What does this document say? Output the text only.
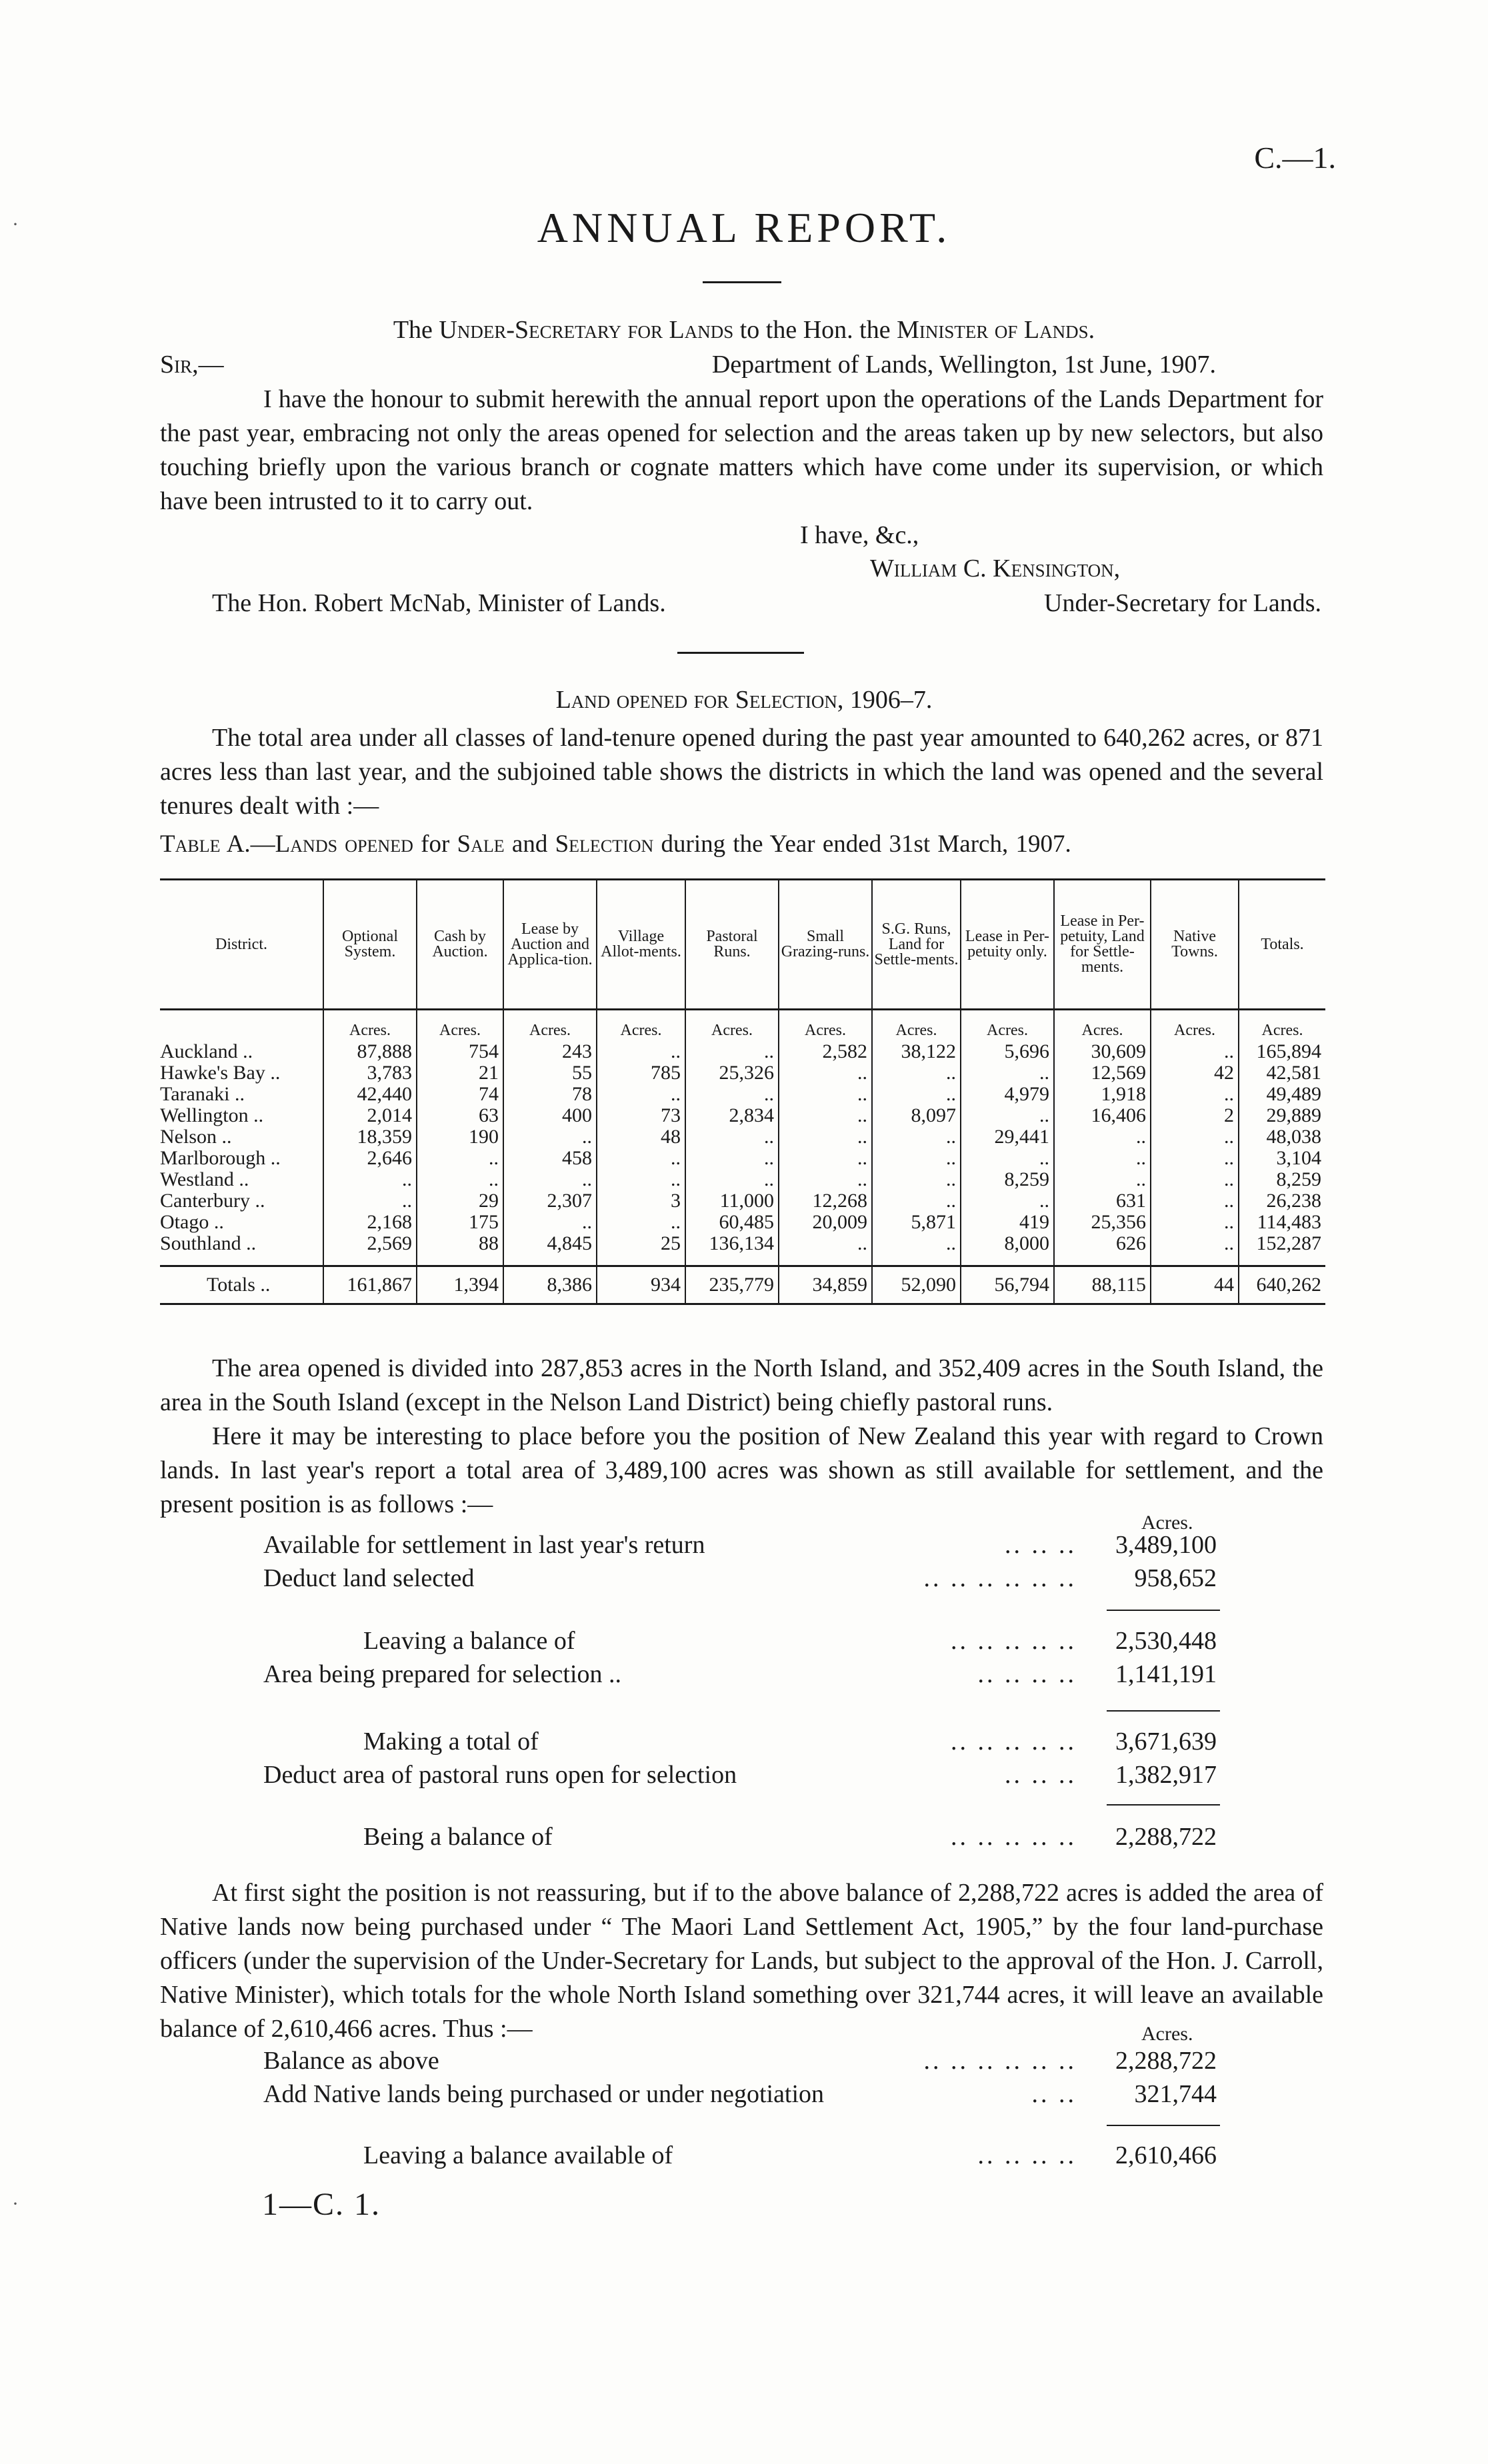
C.—1.
ANNUAL REPORT.
The Under-Secretary for Lands to the Hon. the Minister of Lands.
Sir,—	Department of Lands, Wellington, 1st June, 1907.
I have the honour to submit herewith the annual report upon the operations of the Lands Department for the past year, embracing not only the areas opened for selection and the areas taken up by new selectors, but also touching briefly upon the various branch or cognate matters which have come under its supervision, or which have been intrusted to it to carry out.
I have, &c.,
William C. Kensington,
The Hon. Robert McNab, Minister of Lands.	Under-Secretary for Lands.
Land opened for Selection, 1906–7.
The total area under all classes of land-tenure opened during the past year amounted to 640,262 acres, or 871 acres less than last year, and the subjoined table shows the districts in which the land was opened and the several tenures dealt with :—
Table A.—Lands opened for Sale and Selection during the Year ended 31st March, 1907.
District.	Optional System.	Cash by Auction.	Lease by Auction and Applica-tion.	Village Allot-ments.	Pastoral Runs.	Small Grazing-runs.	S.G. Runs, Land for Settle-ments.	Lease in Per-petuity only.	Lease in Per-petuity, Land for Settle-ments.	Native Towns.	Totals.
	Acres.	Acres.	Acres.	Acres.	Acres.	Acres.	Acres.	Acres.	Acres.	Acres.	Acres.
Auckland ..	87,888	754	243	..	..	2,582	38,122	5,696	30,609	..	165,894
Hawke's Bay ..	3,783	21	55	785	25,326	..	..	..	12,569	42	42,581
Taranaki ..	42,440	74	78	..	..	..	..	4,979	1,918	..	49,489
Wellington ..	2,014	63	400	73	2,834	..	8,097	..	16,406	2	29,889
Nelson ..	18,359	190	..	48	..	..	..	29,441	..	..	48,038
Marlborough ..	2,646	..	458	..	..	..	..	..	..	..	3,104
Westland ..	..	..	..	..	..	..	..	8,259	..	..	8,259
Canterbury ..	..	29	2,307	3	11,000	12,268	..	..	631	..	26,238
Otago ..	2,168	175	..	..	60,485	20,009	5,871	419	25,356	..	114,483
Southland ..	2,569	88	4,845	25	136,134	..	..	8,000	626	..	152,287
Totals ..	161,867	1,394	8,386	934	235,779	34,859	52,090	56,794	88,115	44	640,262
The area opened is divided into 287,853 acres in the North Island, and 352,409 acres in the South Island, the area in the South Island (except in the Nelson Land District) being chiefly pastoral runs.
Here it may be interesting to place before you the position of New Zealand this year with regard to Crown lands. In last year's report a total area of 3,489,100 acres was shown as still available for settlement, and the present position is as follows :—
Acres.
Available for settlement in last year's return	.. .. .. 3,489,100
Deduct land selected	.. .. .. .. .. .. 958,652
Leaving a balance of	.. .. .. .. .. 2,530,448
Area being prepared for selection ..	.. .. .. .. 1,141,191
Making a total of	.. .. .. .. .. 3,671,639
Deduct area of pastoral runs open for selection	.. .. .. 1,382,917
Being a balance of	.. .. .. .. .. 2,288,722
At first sight the position is not reassuring, but if to the above balance of 2,288,722 acres is added the area of Native lands now being purchased under “ The Maori Land Settlement Act, 1905,” by the four land-purchase officers (under the supervision of the Under-Secretary for Lands, but subject to the approval of the Hon. J. Carroll, Native Minister), which totals for the whole North Island something over 321,744 acres, it will leave an available balance of 2,610,466 acres. Thus :—	Acres.
Balance as above	.. .. .. .. .. .. 2,288,722
Add Native lands being purchased or under negotiation	.. .. 321,744
Leaving a balance available of	.. .. .. .. 2,610,466
1—C. 1.
·
·
